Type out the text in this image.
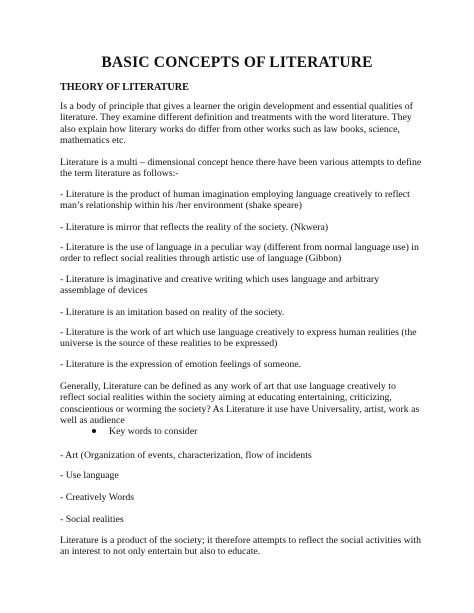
BASIC CONCEPTS OF LITERATURE
THEORY OF LITERATURE

Is a body of principle that gives a learner the origin development and essential qualities of literature. They examine different definition and treatments with the word literature. They also explain how literary works do differ from other works such as law books, science, mathematics etc.

Literature is a multi – dimensional concept hence there have been various attempts to define the term literature as follows:-

- Literature is the product of human imagination employing language creatively to reflect man’s relationship within his /her environment (shake speare)

- Literature is mirror that reflects the reality of the society. (Nkwera)

- Literature is the use of language in a peculiar way (different from normal language use) in order to reflect social realities through artistic use of language (Gibbon)

- Literature is imaginative and creative writing which uses language and arbitrary assemblage of devices

- Literature is an imitation based on reality of the society.

- Literature is the work of art which use language creatively to express human realities (the universe is the source of these realities to be expressed)

- Literature is the expression of emotion feelings of someone.

Generally, Literature can be defined as any work of art that use language creatively to reflect social realities within the society aiming at educating entertaining, criticizing, conscientious or worming the society? As Literature it use have Universality, artist, work as well as audience

Key words to consider
- Art (Organization of events, characterization, flow of incidents
- Use language
- Creatively Words
- Social realities

Literature is a product of the society; it therefore attempts to reflect the social activities with an interest to not only entertain but also to educate.
